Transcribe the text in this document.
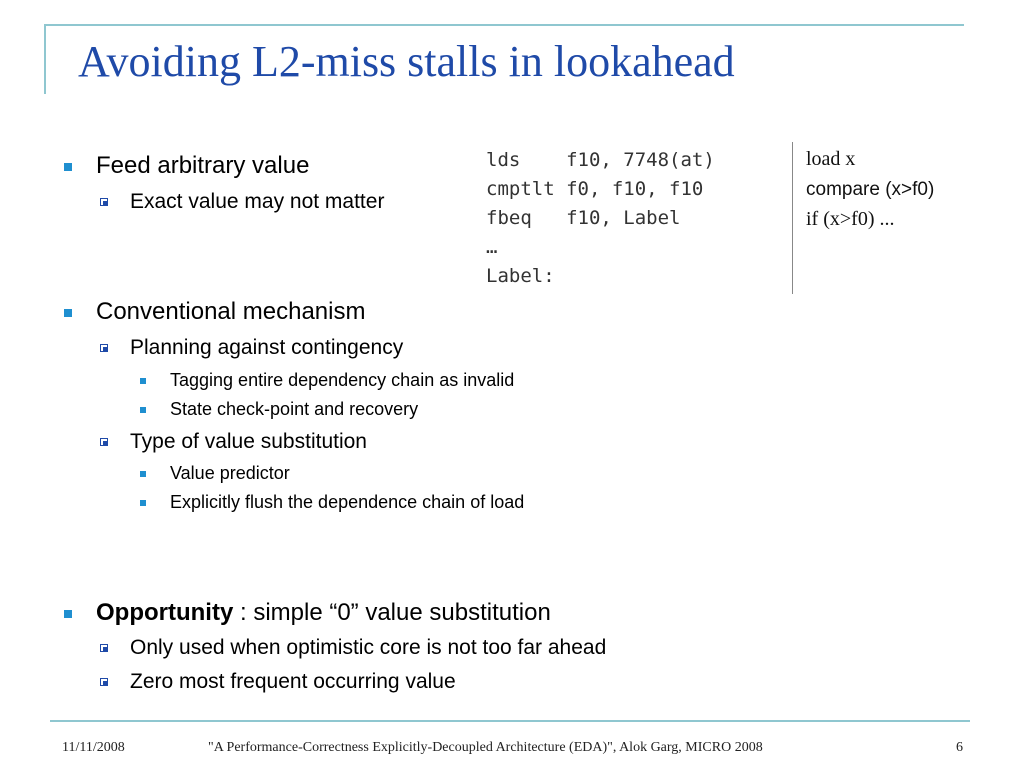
Avoiding L2-miss stalls in lookahead
Feed arbitrary value
Exact value may not matter
Conventional mechanism
Planning against contingency
Tagging entire dependency chain as invalid
State check-point and recovery
Type of value substitution
Value predictor
Explicitly flush the dependence chain of load
Opportunity : simple “0” value substitution
Only used when optimistic core is not too far ahead
Zero most frequent occurring value
lds    f10, 7748(at)
cmptlt f0, f10, f10
fbeq   f10, Label
…
Label:
load x
compare (x>f0)
if (x>f0) ...
11/11/2008	"A Performance-Correctness Explicitly-Decoupled Architecture (EDA)", Alok Garg, MICRO 2008	6
